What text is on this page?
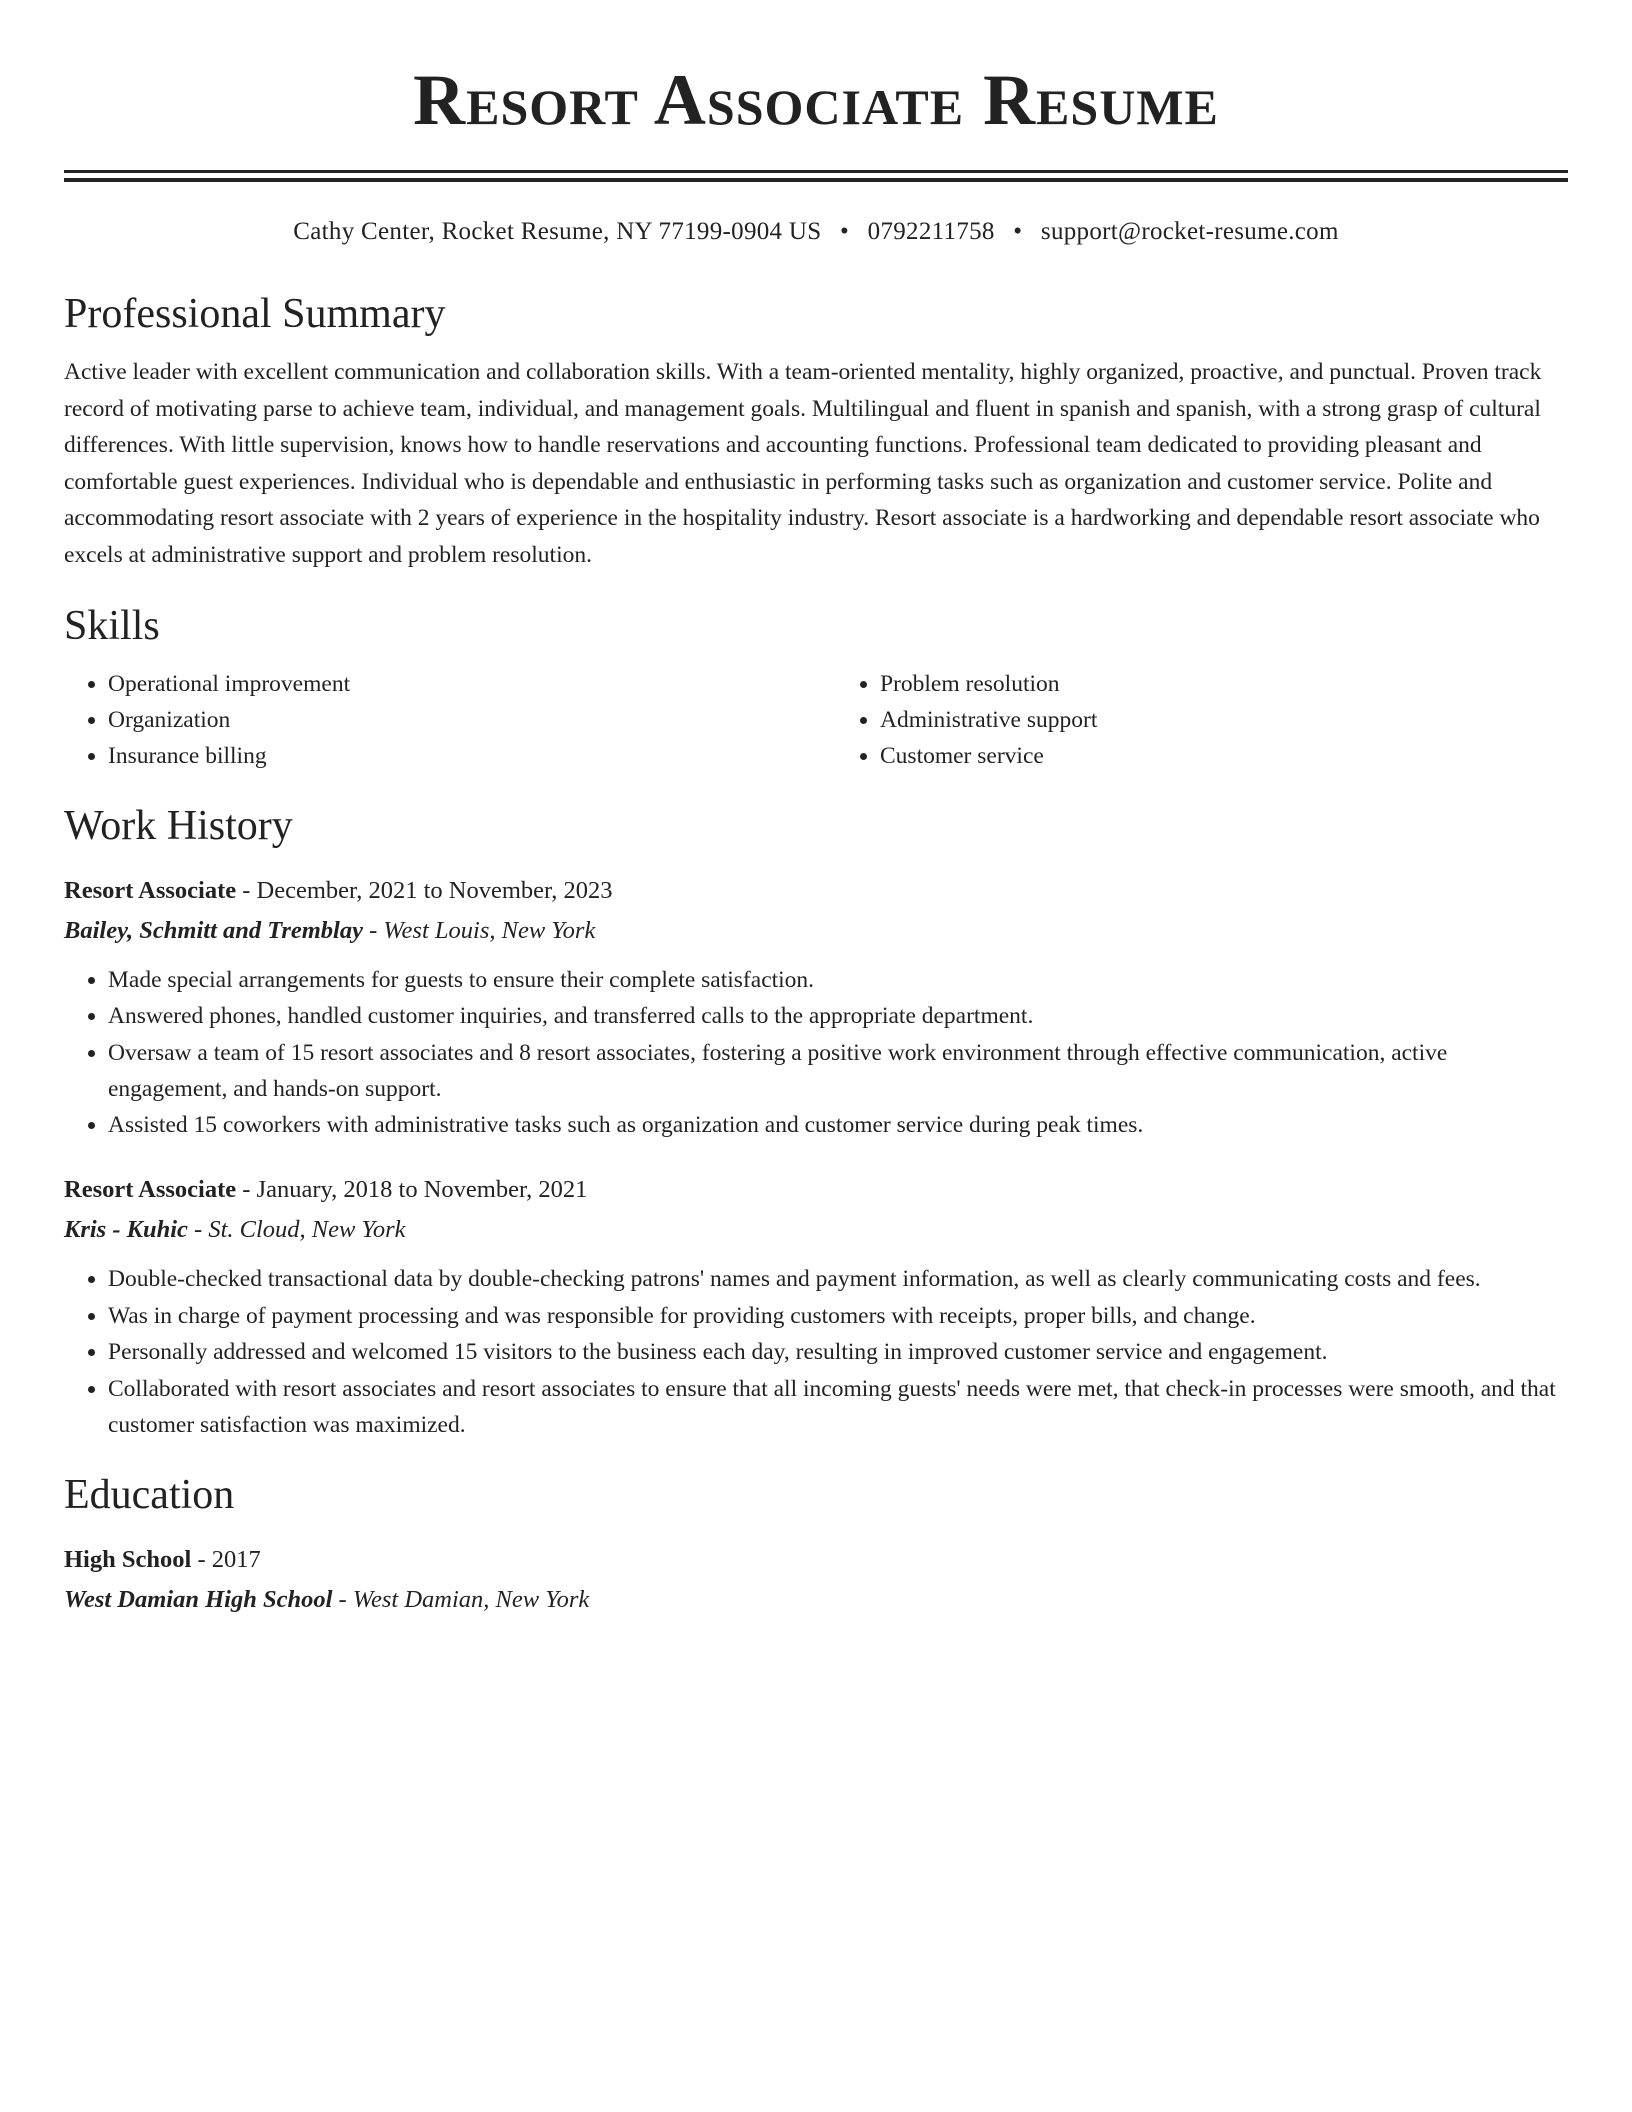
Resort Associate Resume
Cathy Center, Rocket Resume, NY 77199-0904 US • 0792211758 • support@rocket-resume.com
Professional Summary
Active leader with excellent communication and collaboration skills. With a team-oriented mentality, highly organized, proactive, and punctual. Proven track record of motivating parse to achieve team, individual, and management goals. Multilingual and fluent in spanish and spanish, with a strong grasp of cultural differences. With little supervision, knows how to handle reservations and accounting functions. Professional team dedicated to providing pleasant and comfortable guest experiences. Individual who is dependable and enthusiastic in performing tasks such as organization and customer service. Polite and accommodating resort associate with 2 years of experience in the hospitality industry. Resort associate is a hardworking and dependable resort associate who excels at administrative support and problem resolution.
Skills
• Operational improvement
• Organization
• Insurance billing
• Problem resolution
• Administrative support
• Customer service
Work History
Resort Associate - December, 2021 to November, 2023
Bailey, Schmitt and Tremblay - West Louis, New York
• Made special arrangements for guests to ensure their complete satisfaction.
• Answered phones, handled customer inquiries, and transferred calls to the appropriate department.
• Oversaw a team of 15 resort associates and 8 resort associates, fostering a positive work environment through effective communication, active engagement, and hands-on support.
• Assisted 15 coworkers with administrative tasks such as organization and customer service during peak times.
Resort Associate - January, 2018 to November, 2021
Kris - Kuhic - St. Cloud, New York
• Double-checked transactional data by double-checking patrons' names and payment information, as well as clearly communicating costs and fees.
• Was in charge of payment processing and was responsible for providing customers with receipts, proper bills, and change.
• Personally addressed and welcomed 15 visitors to the business each day, resulting in improved customer service and engagement.
• Collaborated with resort associates and resort associates to ensure that all incoming guests' needs were met, that check-in processes were smooth, and that customer satisfaction was maximized.
Education
High School - 2017
West Damian High School - West Damian, New York
